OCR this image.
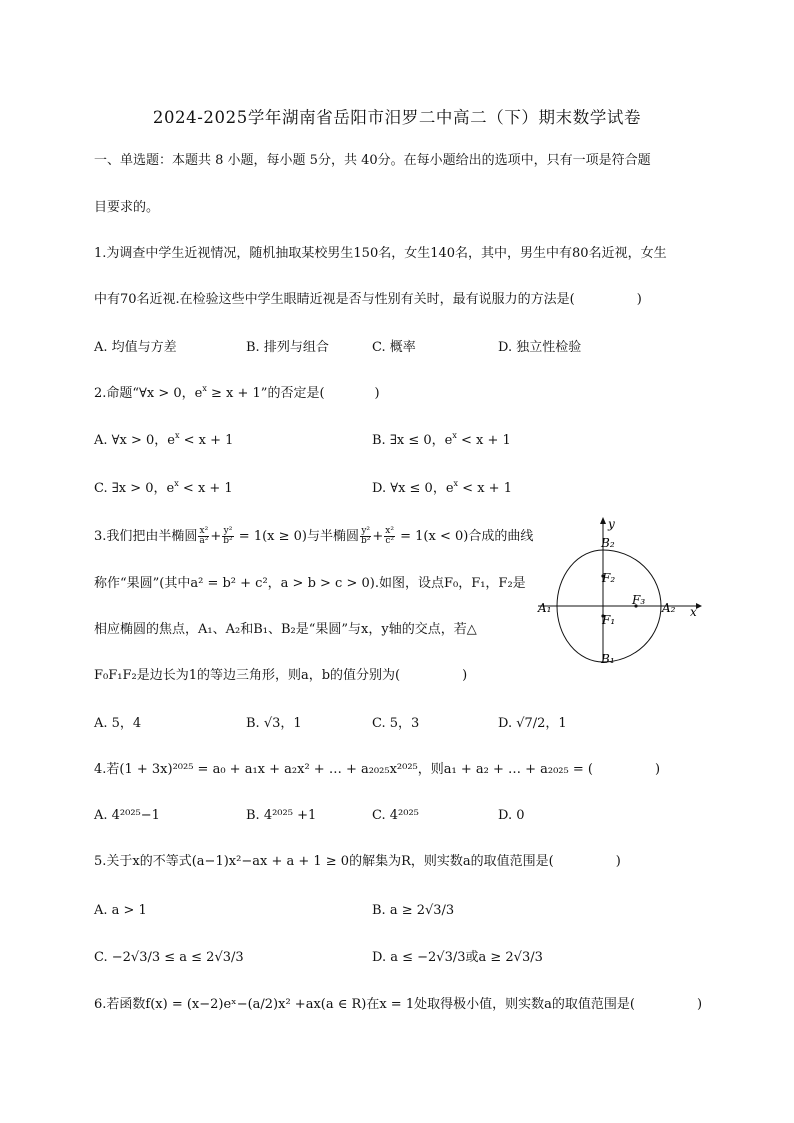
2024-2025学年湖南省岳阳市汨罗二中高二（下）期末数学试卷
一、单选题：本题共 8 小题，每小题 5分，共 40分。在每小题给出的选项中，只有一项是符合题
目要求的。
1.为调查中学生近视情况，随机抽取某校男生150名，女生140名，其中，男生中有80名近视，女生
中有70名近视.在检验这些中学生眼睛近视是否与性别有关时，最有说服力的方法是(	)
A. 均值与方差	B. 排列与组合	C. 概率	D. 独立性检验
2.命题“∀x > 0，$e^x \ge x + 1$”的否定是(	)
A. ∀x > 0，$e^x < x + 1$	B. ∃x ≤ 0，$e^x < x + 1$
C. ∃x > 0，$e^x < x + 1$	D. ∀x ≤ 0，$e^x < x + 1$
3.我们把由半椭圆 $\frac{\text{x²}}{\text{a²}} + \frac{\text{y²}}{\text{b²}} = 1(x \ge 0)$与半椭圆 $\frac{\text{y²}}{\text{b²}} + \frac{\text{x²}}{\text{c²}} = 1(x < 0)$合成的曲线
称作“果圆”(其中a² = b² + c²，a > b > c > 0).如图，设点F₀，F₁，F₂是
相应椭圆的焦点，A₁、A₂和B₁、B₂是“果圆”与x，y轴的交点，若△
F₀F₁F₂是边长为1的等边三角形，则a，b的值分别为(	)
y
x
B₂
B₁
A₁	A₂
F₂
F₁
F₃
A. 5，4	B. √3，1	C. 5，3	D. √7/2，1
4.若(1 + 3x)²⁰²⁵ = a₀ + a₁x + a₂x² + … + a₂₀₂₅x²⁰²⁵，则a₁ + a₂ + … + a₂₀₂₅ = (	)
A. 4²⁰²⁵−1	B. 4²⁰²⁵ +1	C. 4²⁰²⁵	D. 0
5.关于x的不等式(a−1)x²−ax + a + 1 ≥ 0的解集为R，则实数a的取值范围是(	)
A. a > 1	B. a ≥ 2√3/3
C. −2√3/3 ≤ a ≤ 2√3/3	D. a ≤ −2√3/3或a ≥ 2√3/3
6.若函数f(x) = (x−2)eˣ−(a/2)x² +ax(a ∈ R)在x = 1处取得极小值，则实数a的取值范围是(	)
